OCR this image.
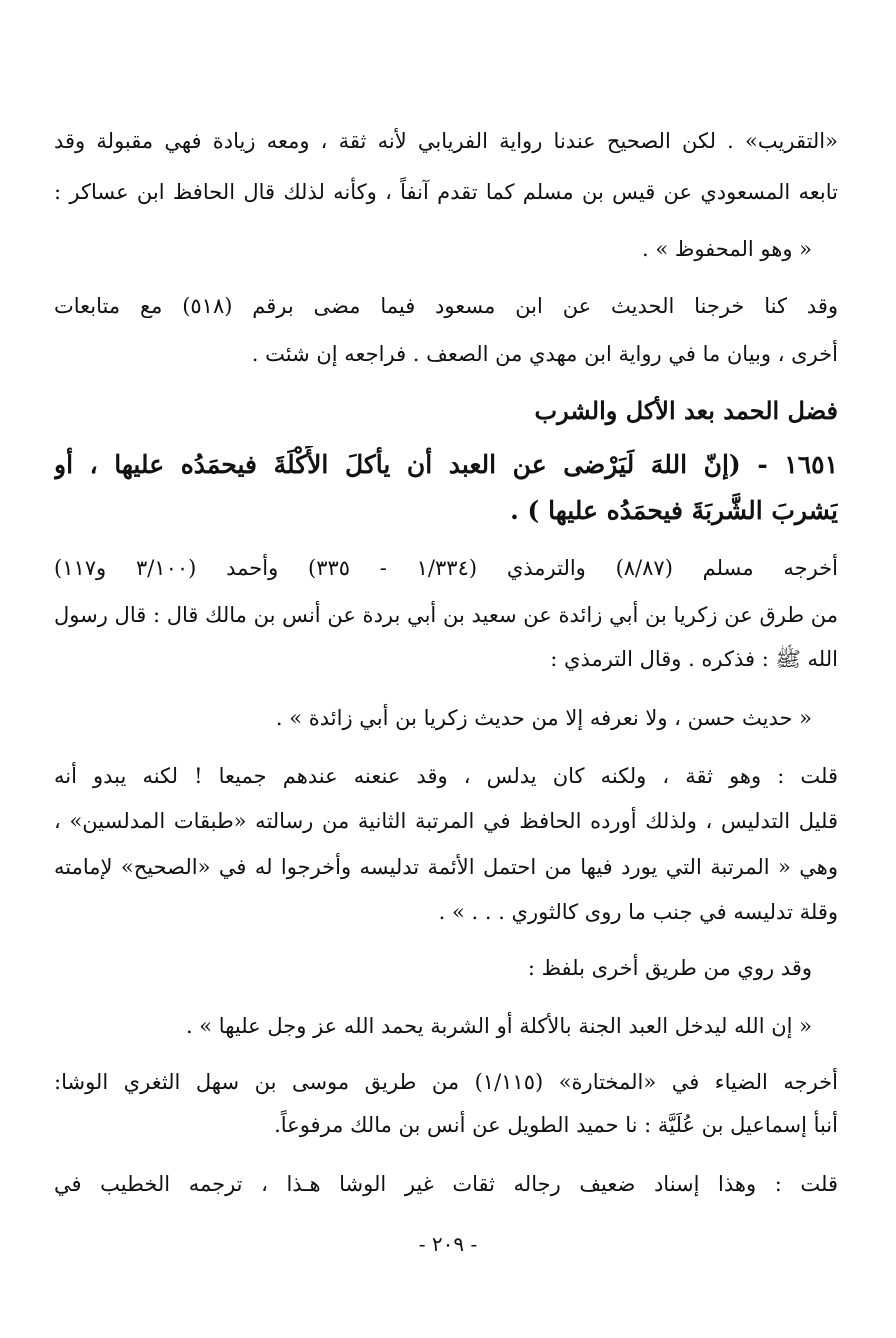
«التقريب» . لكن الصحيح عندنا رواية الفريابي لأنه ثقة ، ومعه زيادة فهي مقبولة وقد
تابعه المسعودي عن قيس بن مسلم كما تقدم آنفاً ، وكأنه لذلك قال الحافظ ابن عساكر :
« وهو المحفوظ » .
وقد كنا خرجنا الحديث عن ابن مسعود فيما مضى برقم (٥١٨) مع متابعات
أخرى ، وبيان ما في رواية ابن مهدي من الصعف . فراجعه إن شئت .
فضل الحمد بعد الأكل والشرب
١٦٥١ - (إنّ اللهَ لَيَرْضى عن العبد أن يأكلَ الأَكْلَةَ فيحمَدُه عليها ، أو
يَشربَ الشَّربَةَ فيحمَدُه عليها ) .
أخرجه مسلم (٨/٨٧) والترمذي (١/٣٣٤ - ٣٣٥) وأحمد (٣/١٠٠ و١١٧)
من طرق عن زكريا بن أبي زائدة عن سعيد بن أبي بردة عن أنس بن مالك قال : قال رسول
الله ﷺ : فذكره . وقال الترمذي :
« حديث حسن ، ولا نعرفه إلا من حديث زكريا بن أبي زائدة » .
قلت : وهو ثقة ، ولكنه كان يدلس ، وقد عنعنه عندهم جميعا ! لكنه يبدو أنه
قليل التدليس ، ولذلك أورده الحافظ في المرتبة الثانية من رسالته «طبقات المدلسين» ،
وهي « المرتبة التي يورد فيها من احتمل الأئمة تدليسه وأخرجوا له في «الصحيح» لإمامته
وقلة تدليسه في جنب ما روى كالثوري . . . » .
وقد روي من طريق أخرى بلفظ :
« إن الله ليدخل العبد الجنة بالأكلة أو الشربة يحمد الله عز وجل عليها » .
أخرجه الضياء في «المختارة» (١/١١٥) من طريق موسى بن سهل الثغري الوشا:
أنبأ إسماعيل بن عُلَيَّة : نا حميد الطويل عن أنس بن مالك مرفوعاً.
قلت : وهذا إسناد ضعيف رجاله ثقات غير الوشا هـذا ، ترجمه الخطيب في
- ٢٠٩ -
